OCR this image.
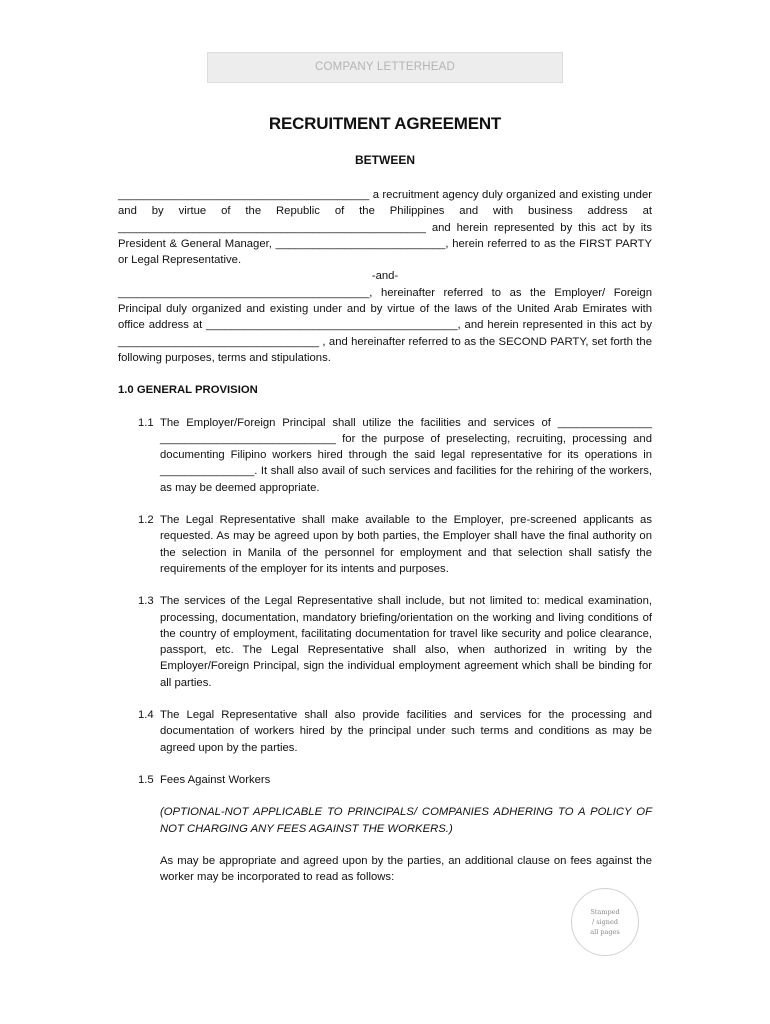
COMPANY LETTERHEAD
RECRUITMENT AGREEMENT
BETWEEN

________________________________________ a recruitment agency duly organized and existing under and by virtue of the Republic of the Philippines and with business address at _________________________________________________ and herein represented by this act by its President & General Manager, ___________________________, herein referred to as the FIRST PARTY or Legal Representative.

-and-

________________________________________, hereinafter referred to as the Employer/ Foreign Principal duly organized and existing under and by virtue of the laws of the United Arab Emirates with office address at ________________________________________, and herein represented in this act by ________________________________ , and hereinafter referred to as the SECOND PARTY, set forth the following purposes, terms and stipulations.

1.0 GENERAL PROVISION

1.1 The Employer/Foreign Principal shall utilize the facilities and services of _______________ ____________________________ for the purpose of preselecting, recruiting, processing and documenting Filipino workers hired through the said legal representative for its operations in _______________. It shall also avail of such services and facilities for the rehiring of the workers, as may be deemed appropriate.
1.2 The Legal Representative shall make available to the Employer, pre-screened applicants as requested. As may be agreed upon by both parties, the Employer shall have the final authority on the selection in Manila of the personnel for employment and that selection shall satisfy the requirements of the employer for its intents and purposes.
1.3 The services of the Legal Representative shall include, but not limited to: medical examination, processing, documentation, mandatory briefing/orientation on the working and living conditions of the country of employment, facilitating documentation for travel like security and police clearance, passport, etc. The Legal Representative shall also, when authorized in writing by the Employer/Foreign Principal, sign the individual employment agreement which shall be binding for all parties.
1.4 The Legal Representative shall also provide facilities and services for the processing and documentation of workers hired by the principal under such terms and conditions as may be agreed upon by the parties.
1.5 Fees Against Workers

(OPTIONAL-NOT APPLICABLE TO PRINCIPALS/ COMPANIES ADHERING TO A POLICY OF NOT CHARGING ANY FEES AGAINST THE WORKERS.)

As may be appropriate and agreed upon by the parties, an additional clause on fees against the worker may be incorporated to read as follows:

Stamped
/ signed
all pages
